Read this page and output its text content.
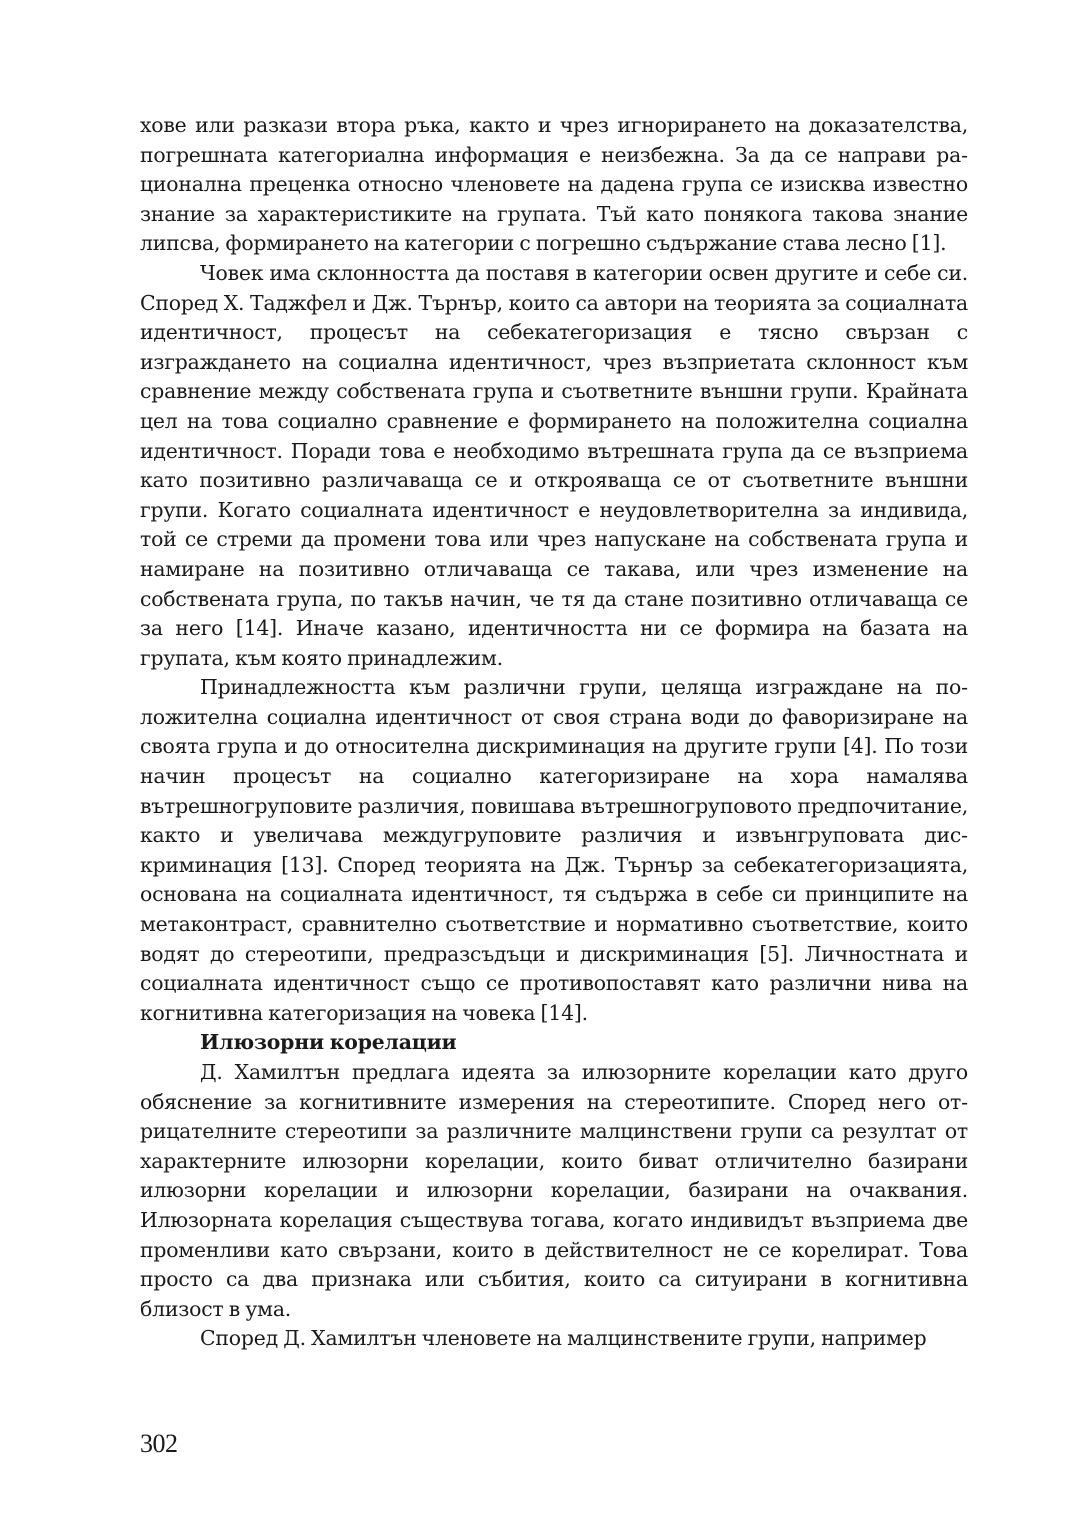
хове или разкази втора ръка, както и чрез игнорирането на доказателства, погрешната категориална информация е неизбежна. За да се направи рационална преценка относно членовете на дадена група се изисква известно знание за характеристиките на групата. Тъй като понякога такова знание липсва, формирането на категории с погрешно съдържание става лесно [1].

Човек има склонността да поставя в категории освен другите и себе си. Според Х. Таджфел и Дж. Търнър, които са автори на теорията за социалната идентичност, процесът на себекатегоризация е тясно свързан с изграждането на социална идентичност, чрез възприетата склонност към сравнение между собствената група и съответните външни групи. Крайната цел на това социално сравнение е формирането на положителна социална идентичност. Поради това е необходимо вътрешната група да се възприема като позитивно различаваща се и открояваща се от съответните външни групи. Когато социалната идентичност е неудовлетворителна за индивида, той се стреми да промени това или чрез напускане на собствената група и намиране на позитивно отличаваща се такава, или чрез изменение на собствената група, по такъв начин, че тя да стане позитивно отличаваща се за него [14]. Иначе казано, идентичността ни се формира на базата на групата, към която принадлежим.

Принадлежността към различни групи, целяща изграждане на положителна социална идентичност от своя страна води до фаворизиране на своята група и до относителна дискриминация на другите групи [4]. По този начин процесът на социално категоризиране на хора намалява вътрешногруповите различия, повишава вътрешногруповото предпочитание, както и увеличава междугруповите различия и извънгруповата дискриминация [13]. Според теорията на Дж. Търнър за себекатегоризацията, основана на социалната идентичност, тя съдържа в себе си принципите на метаконтраст, сравнително съответствие и нормативно съответствие, които водят до стереотипи, предразсъдъци и дискриминация [5]. Личностната и социалната идентичност също се противопоставят като различни нива на когнитивна категоризация на човека [14].

Илюзорни корелации

Д. Хамилтън предлага идеята за илюзорните корелации като друго обяснение за когнитивните измерения на стереотипите. Според него отрицателните стереотипи за различните малцинствени групи са резултат от характерните илюзорни корелации, които биват отличително базирани илюзорни корелации и илюзорни корелации, базирани на очаквания. Илюзорната корелация съществува тогава, когато индивидът възприема две променливи като свързани, които в действителност не се корелират. Това просто са два признака или събития, които са ситуирани в когнитивна близост в ума.

Според Д. Хамилтън членовете на малцинствените групи, например

302
